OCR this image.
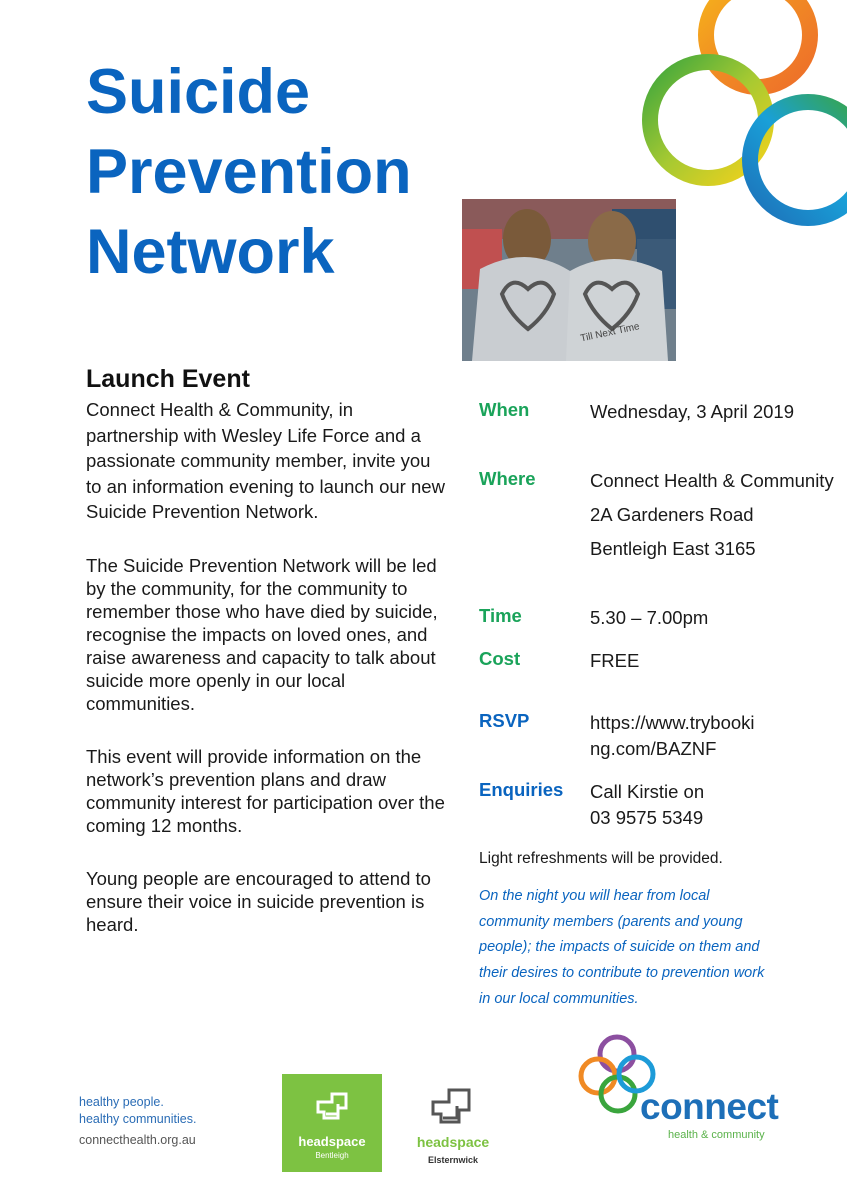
Suicide
Prevention
Network
Till Next Time
Launch Event

Connect Health & Community, in partnership with Wesley Life Force and a passionate community member, invite you to an information evening to launch our new Suicide Prevention Network.

The Suicide Prevention Network will be led by the community, for the community to remember those who have died by suicide, recognise the impacts on loved ones, and raise awareness and capacity to talk about suicide more openly in our local communities.

This event will provide information on the network’s prevention plans and draw community interest for participation over the coming 12 months.

Young people are encouraged to attend to ensure their voice in suicide prevention is heard.

When	Wednesday, 3 April 2019
Where	Connect Health & Community
2A Gardeners Road
Bentleigh East 3165
Time	5.30 – 7.00pm
Cost	FREE
RSVP	https://www.trybooki
ng.com/BAZNF
Enquiries	Call Kirstie on
03 9575 5349
Light refreshments will be provided.
On the night you will hear from local community members (parents and young people); the impacts of suicide on them and their desires to contribute to prevention work in our local communities.
healthy people.
healthy communities.
connecthealth.org.au	headspace
Bentleigh
headspace
Elsternwick
connect
health & community
